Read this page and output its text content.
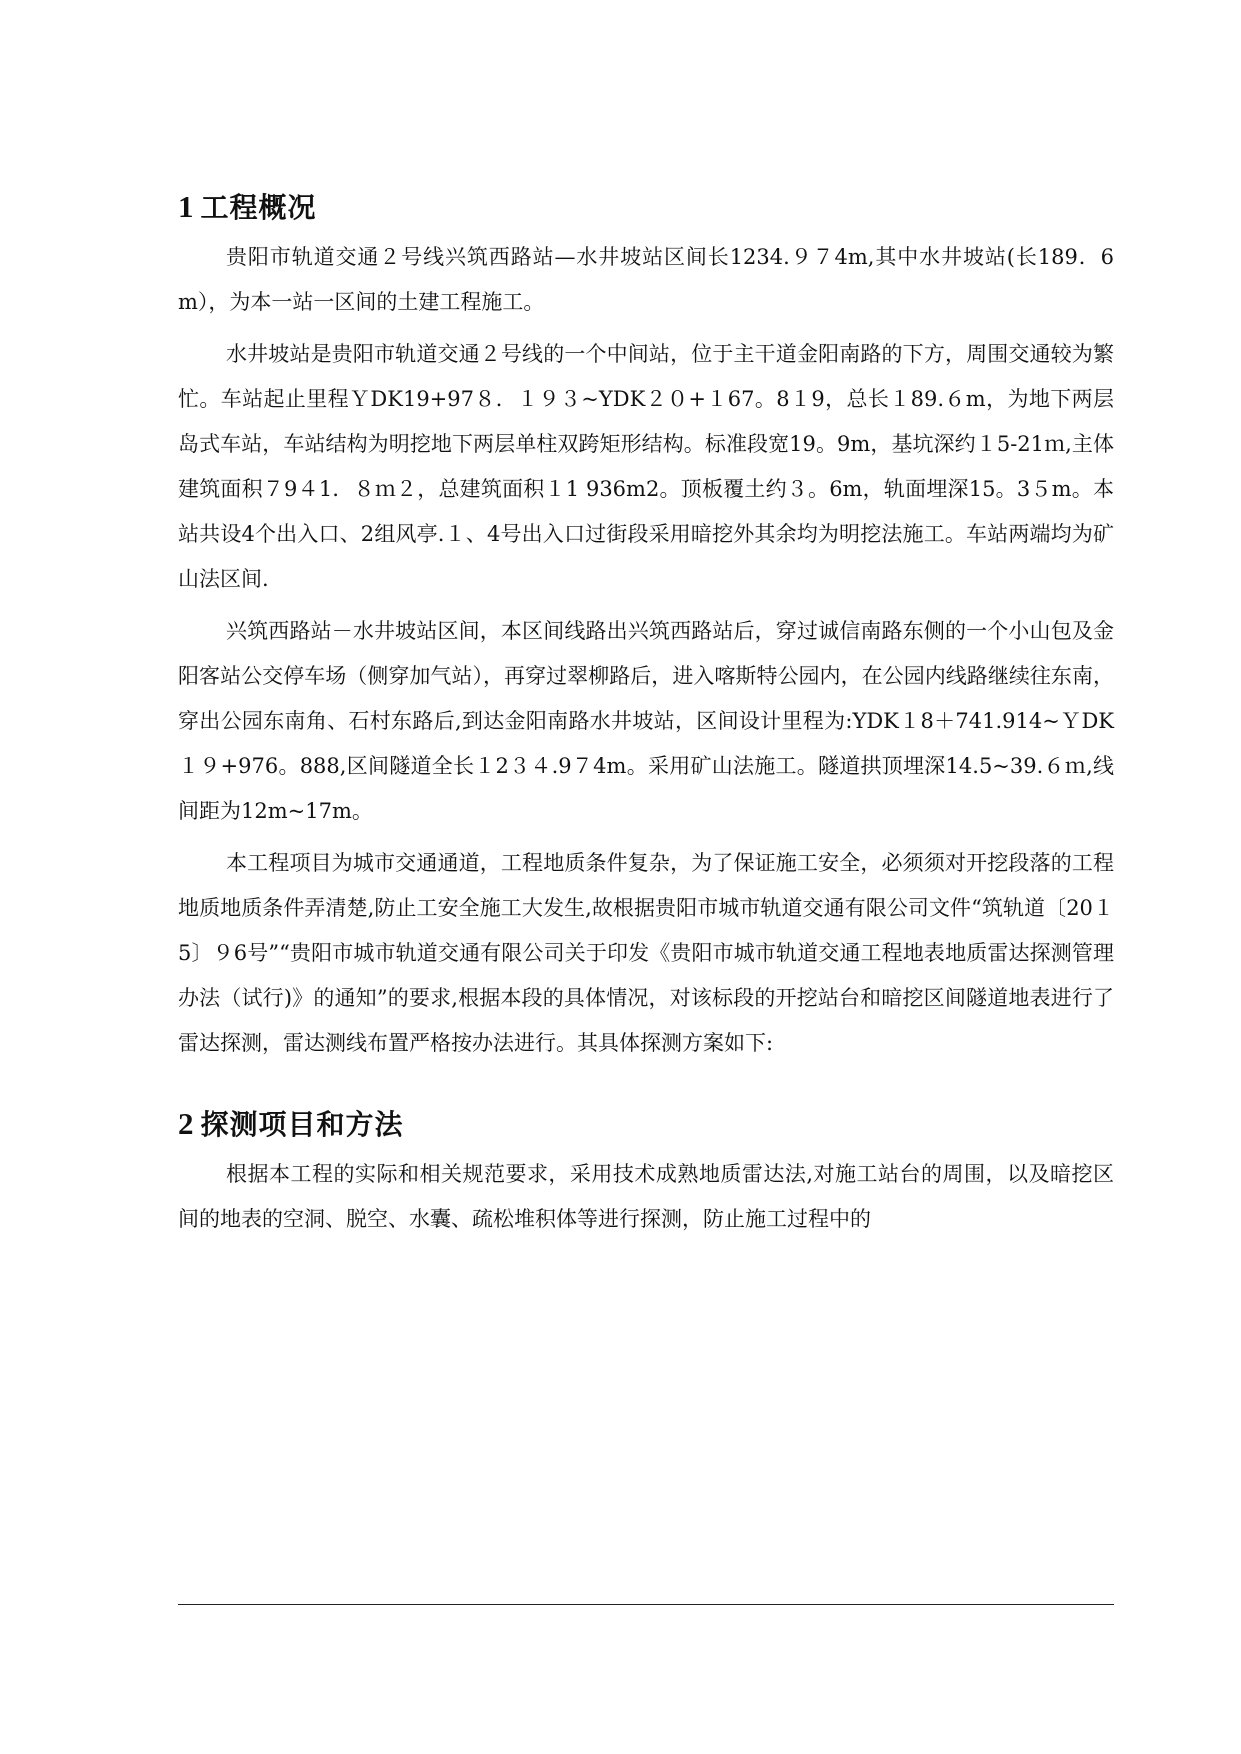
1 工程概况

贵阳市轨道交通２号线兴筑西路站—水井坡站区间长1234.９７4m,其中水井坡站(长189．6m），为本一站一区间的土建工程施工。

水井坡站是贵阳市轨道交通２号线的一个中间站，位于主干道金阳南路的下方，周围交通较为繁忙。车站起止里程ＹDK19+97８．１９３~YDK２０+１67。8１9，总长１89.６m，为地下两层岛式车站，车站结构为明挖地下两层单柱双跨矩形结构。标准段宽19。9m，基坑深约１5-21ｍ,主体建筑面积７9４1．８ｍ２，总建筑面积１1 936m2。顶板覆土约３。6m，轨面埋深15。3５m。本站共设4个出入口、2组风亭.１、4号出入口过街段采用暗挖外其余均为明挖法施工。车站两端均为矿山法区间.

兴筑西路站－水井坡站区间，本区间线路出兴筑西路站后，穿过诚信南路东侧的一个小山包及金阳客站公交停车场（侧穿加气站），再穿过翠柳路后，进入喀斯特公园内，在公园内线路继续往东南，穿出公园东南角、石村东路后,到达金阳南路水井坡站，区间设计里程为:YDK１8＋741.914~ＹDK１９+976。888,区间隧道全长１2３４.9７4m。采用矿山法施工。隧道拱顶埋深14.5~39.６ｍ,线间距为12m~17m。

本工程项目为城市交通通道，工程地质条件复杂，为了保证施工安全，必须须对开挖段落的工程地质地质条件弄清楚,防止工安全施工大发生,故根据贵阳市城市轨道交通有限公司文件“筑轨道〔20１5〕９6号”“贵阳市城市轨道交通有限公司关于印发《贵阳市城市轨道交通工程地表地质雷达探测管理办法（试行)》的通知”的要求,根据本段的具体情况，对该标段的开挖站台和暗挖区间隧道地表进行了雷达探测，雷达测线布置严格按办法进行。其具体探测方案如下:

2 探测项目和方法

根据本工程的实际和相关规范要求，采用技术成熟地质雷达法,对施工站台的周围，以及暗挖区间的地表的空洞、脱空、水囊、疏松堆积体等进行探测，防止施工过程中的
